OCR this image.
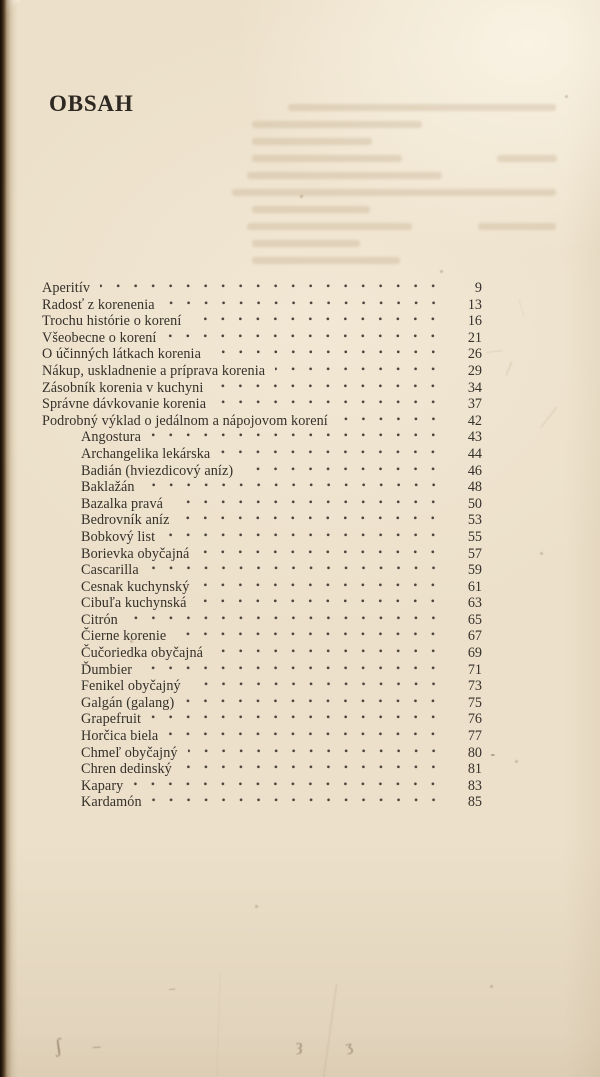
OBSAH
Aperitív	9
Radosť z korenenia	13
Trochu histórie o korení	16
Všeobecne o korení	21
O účinných látkach korenia	26
Nákup, uskladnenie a príprava korenia	29
Zásobník korenia v kuchyni	34
Správne dávkovanie korenia	37
Podrobný výklad o jedálnom a nápojovom korení	42
Angostura	43
Archangelika lekárska	44
Badián (hviezdicový aníz)	46
Baklažán	48
Bazalka pravá	50
Bedrovník aníz	53
Bobkový list	55
Borievka obyčajná	57
Cascarilla	59
Cesnak kuchynský	61
Cibuľa kuchynská	63
Citrón	65
Čierne korenie	67
Čučoriedka obyčajná	69
Ďumbier	71
Fenikel obyčajný	73
Galgán (galang)	75
Grapefruit	76
Horčica biela	77
Chmeľ obyčajný	80 -
Chren dedinský	81
Kapary	83
Kardamón	85
ʃ –	ȝ	ʒ
–
